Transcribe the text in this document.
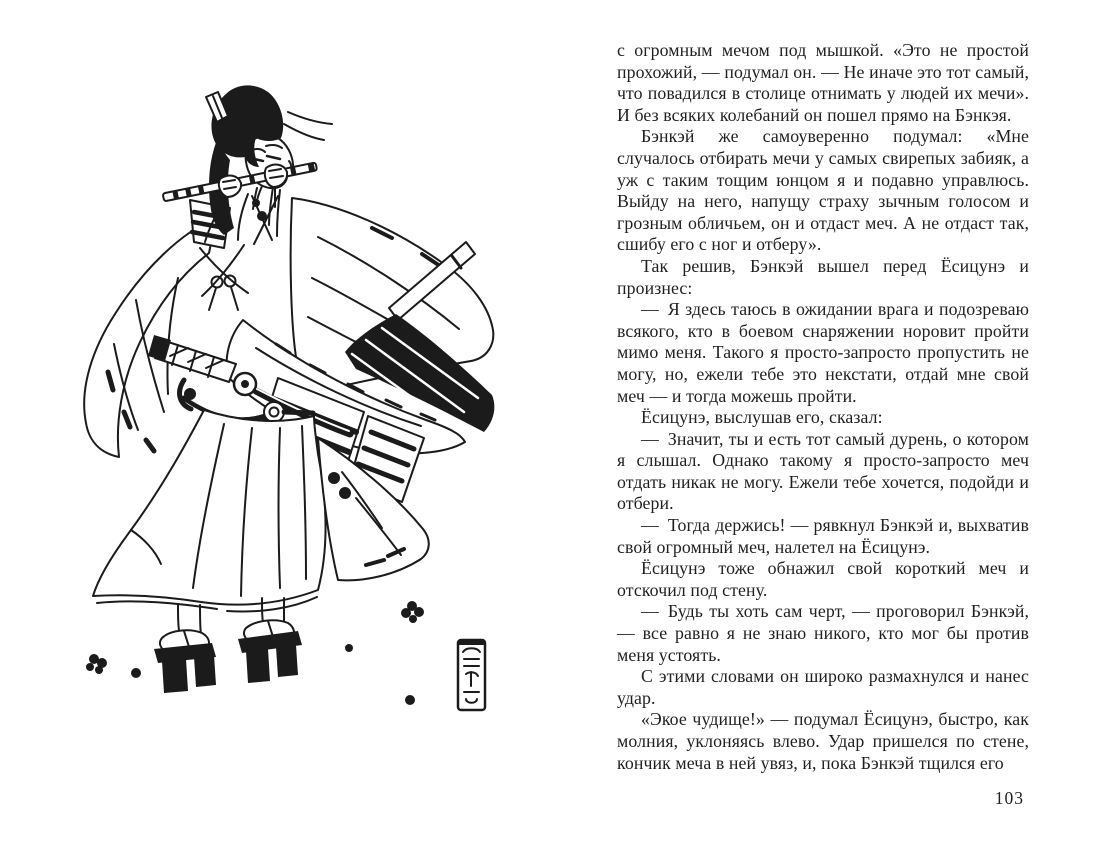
с огромным мечом под мышкой. «Это не простой прохожий, — подумал он. — Не иначе это тот самый, что повадился в столице отнимать у людей их мечи». И без всяких колебаний он пошел прямо на Бэнкэя.

Бэнкэй же самоуверенно подумал: «Мне случалось отбирать мечи у самых свирепых забияк, а уж с таким тощим юнцом я и подавно управлюсь. Выйду на него, напущу страху зычным голосом и грозным обличьем, он и отдаст меч. А не отдаст так, сшибу его с ног и отберу».

Так решив, Бэнкэй вышел перед Ёсицунэ и произнес:

— Я здесь таюсь в ожидании врага и подозреваю всякого, кто в боевом снаряжении норовит пройти мимо меня. Такого я просто-запросто пропустить не могу, но, ежели тебе это некстати, отдай мне свой меч — и тогда можешь пройти.

Ёсицунэ, выслушав его, сказал:

— Значит, ты и есть тот самый дурень, о котором я слышал. Однако такому я просто-запросто меч отдать никак не могу. Ежели тебе хочется, подойди и отбери.

— Тогда держись! — рявкнул Бэнкэй и, выхватив свой огромный меч, налетел на Ёсицунэ.

Ёсицунэ тоже обнажил свой короткий меч и отскочил под стену.

— Будь ты хоть сам черт, — проговорил Бэнкэй, — все равно я не знаю никого, кто мог бы против меня устоять.

С этими словами он широко размахнулся и нанес удар.

«Экое чудище!» — подумал Ёсицунэ, быстро, как молния, уклоняясь влево. Удар пришелся по стене, кончик меча в ней увяз, и, пока Бэнкэй тщился его

103
